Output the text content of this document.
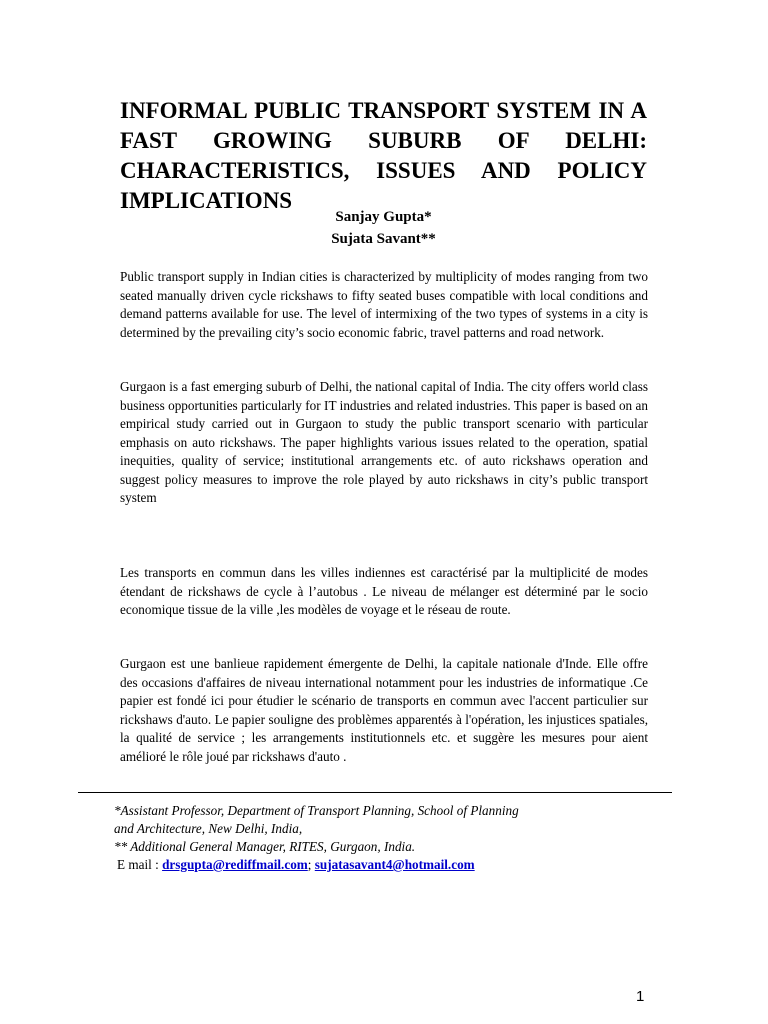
INFORMAL PUBLIC TRANSPORT SYSTEM IN A FAST GROWING SUBURB OF DELHI: CHARACTERISTICS, ISSUES AND POLICY IMPLICATIONS

Sanjay Gupta*

Sujata Savant**

Public transport supply in Indian cities is characterized by multiplicity of modes ranging from two seated manually driven cycle rickshaws to fifty seated buses compatible with local conditions and demand patterns available for use. The level of intermixing of the two types of systems in a city is determined by the prevailing city’s socio economic fabric, travel patterns and road network.

Gurgaon is a fast emerging suburb of Delhi, the national capital of India. The city offers world class business opportunities particularly for IT industries and related industries. This paper is based on an empirical study carried out in Gurgaon to study the public transport scenario with particular emphasis on auto rickshaws. The paper highlights various issues related to the operation, spatial inequities, quality of service; institutional arrangements etc. of auto rickshaws operation and suggest policy measures to improve the role played by auto rickshaws in city’s public transport system

Les transports en commun dans les villes indiennes est caractérisé par la multiplicité de modes étendant de rickshaws de cycle à l’autobus . Le niveau de mélanger est déterminé par le socio economique tissue de la ville ,les modèles de voyage et le réseau de route.

Gurgaon est une banlieue rapidement émergente de Delhi, la capitale nationale d'Inde. Elle offre des occasions d'affaires de niveau international notamment pour les industries de informatique .Ce papier est fondé ici pour étudier le scénario de transports en commun avec l'accent particulier sur rickshaws d'auto. Le papier souligne des problèmes apparentés à l'opération, les injustices spatiales, la qualité de service ; les arrangements institutionnels etc. et suggère les mesures pour aient amélioré le rôle joué par rickshaws d'auto .

*Assistant Professor, Department of Transport Planning, School of Planning

and Architecture, New Delhi, India,

** Additional General Manager, RITES, Gurgaon, India.

E mail : drsgupta@rediffmail.com; sujatasavant4@hotmail.com

1
